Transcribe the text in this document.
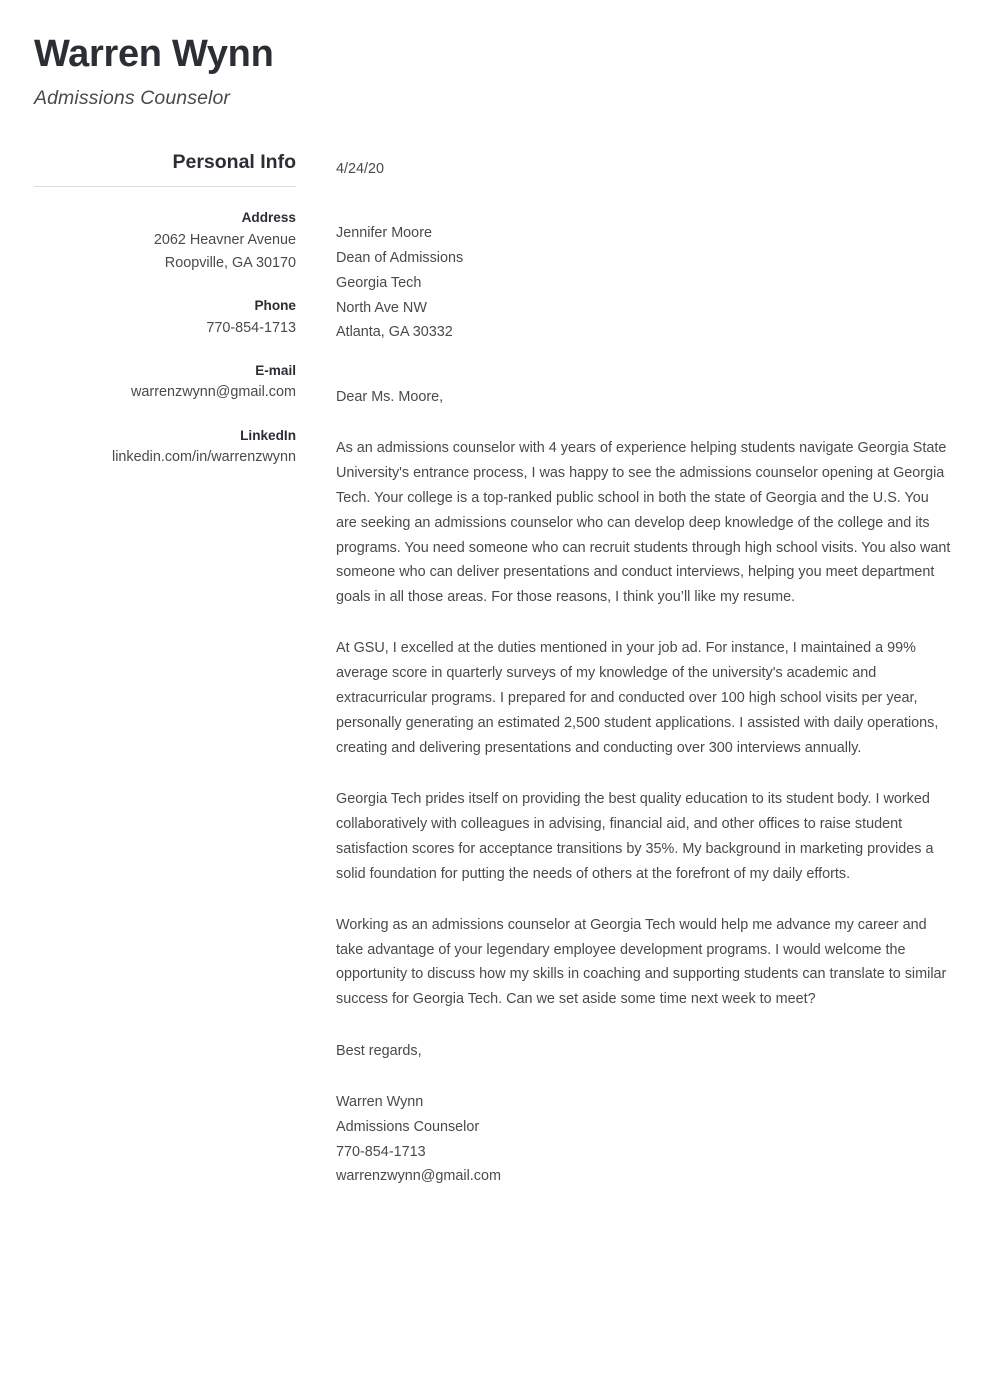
Warren Wynn
Admissions Counselor
Personal Info
Address
2062 Heavner Avenue
Roopville, GA 30170
Phone
770-854-1713
E-mail
warrenzwynn@gmail.com
LinkedIn
linkedin.com/in/warrenzwynn
4/24/20
Jennifer Moore
Dean of Admissions
Georgia Tech
North Ave NW
Atlanta, GA 30332
Dear Ms. Moore,

As an admissions counselor with 4 years of experience helping students navigate Georgia State University's entrance process, I was happy to see the admissions counselor opening at Georgia Tech. Your college is a top-ranked public school in both the state of Georgia and the U.S. You are seeking an admissions counselor who can develop deep knowledge of the college and its programs. You need someone who can recruit students through high school visits. You also want someone who can deliver presentations and conduct interviews, helping you meet department goals in all those areas. For those reasons, I think you’ll like my resume.

At GSU, I excelled at the duties mentioned in your job ad. For instance, I maintained a 99% average score in quarterly surveys of my knowledge of the university's academic and extracurricular programs. I prepared for and conducted over 100 high school visits per year, personally generating an estimated 2,500 student applications. I assisted with daily operations, creating and delivering presentations and conducting over 300 interviews annually.

Georgia Tech prides itself on providing the best quality education to its student body. I worked collaboratively with colleagues in advising, financial aid, and other offices to raise student satisfaction scores for acceptance transitions by 35%. My background in marketing provides a solid foundation for putting the needs of others at the forefront of my daily efforts.

Working as an admissions counselor at Georgia Tech would help me advance my career and take advantage of your legendary employee development programs. I would welcome the opportunity to discuss how my skills in coaching and supporting students can translate to similar success for Georgia Tech. Can we set aside some time next week to meet?

Best regards,
Warren Wynn
Admissions Counselor
770-854-1713
warrenzwynn@gmail.com
